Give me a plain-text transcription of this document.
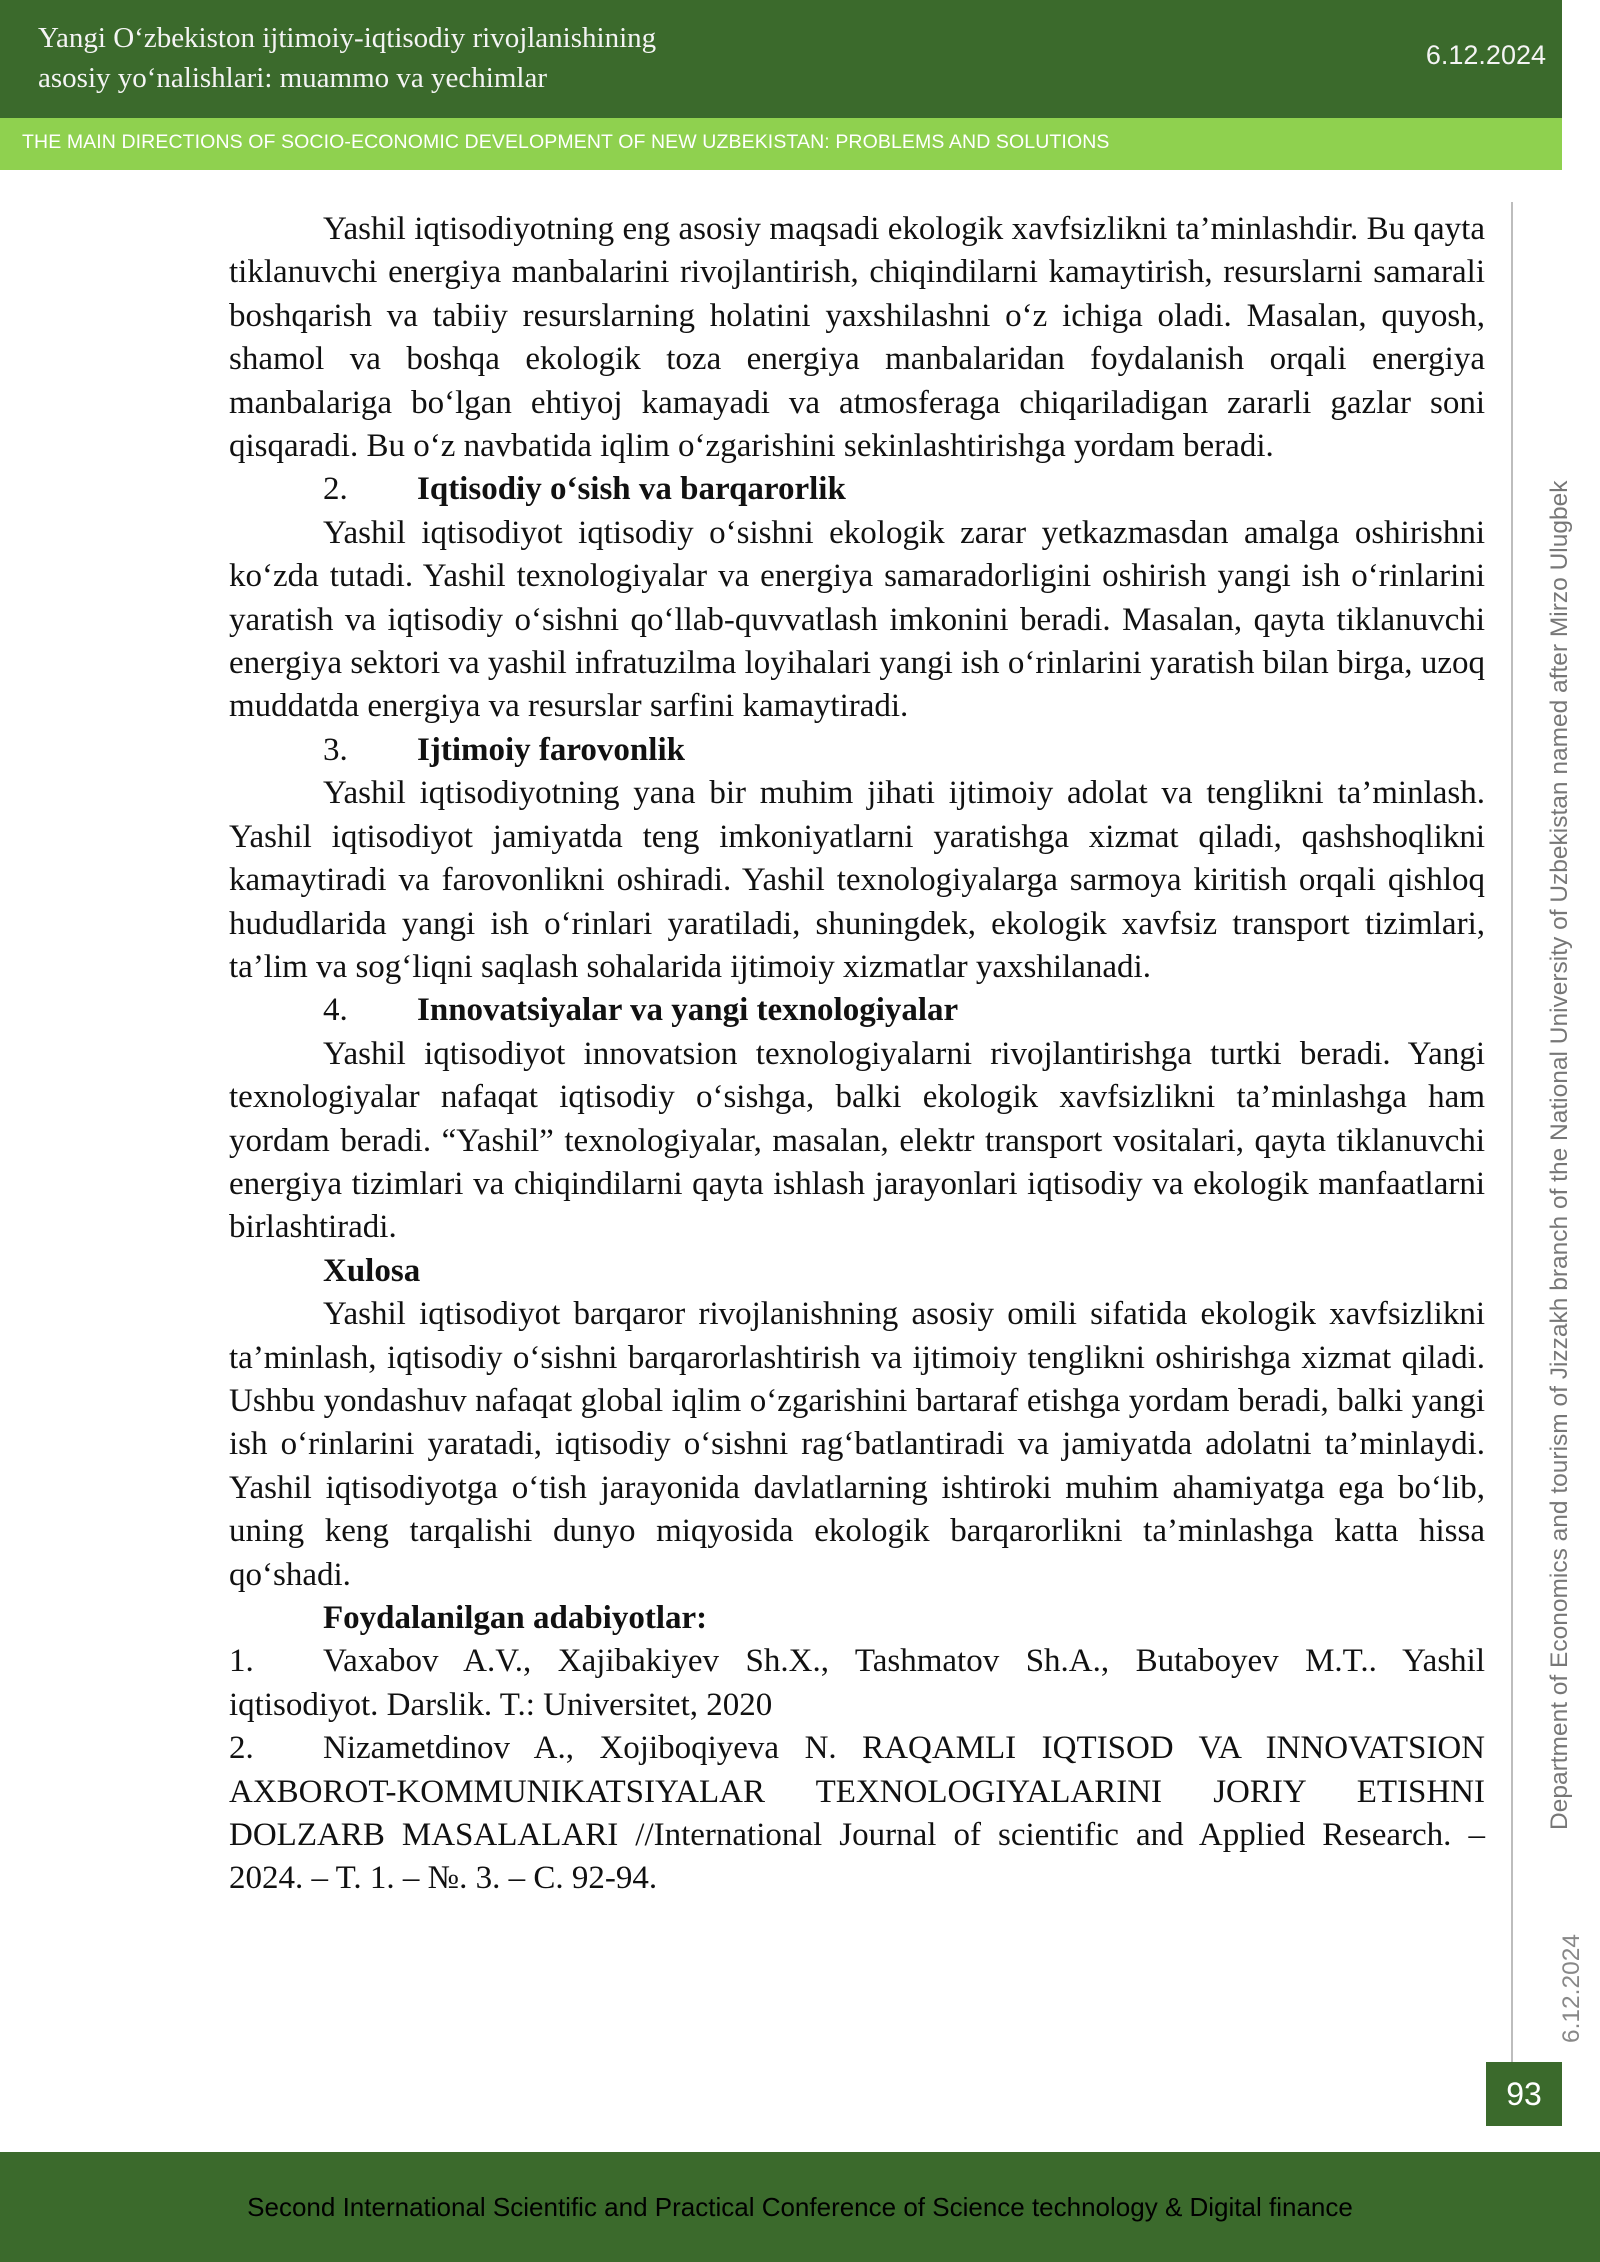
Yangi O‘zbekiston ijtimoiy-iqtisodiy rivojlanishining
asosiy yo‘nalishlari: muammo va yechimlar
6.12.2024
THE MAIN DIRECTIONS OF SOCIO-ECONOMIC DEVELOPMENT OF NEW UZBEKISTAN: PROBLEMS AND SOLUTIONS

Yashil iqtisodiyotning eng asosiy maqsadi ekologik xavfsizlikni ta’minlashdir. Bu qayta tiklanuvchi energiya manbalarini rivojlantirish, chiqindilarni kamaytirish, resurslarni samarali boshqarish va tabiiy resurslarning holatini yaxshilashni o‘z ichiga oladi. Masalan, quyosh, shamol va boshqa ekologik toza energiya manbalaridan foydalanish orqali energiya manbalariga bo‘lgan ehtiyoj kamayadi va atmosferaga chiqariladigan zararli gazlar soni qisqaradi. Bu o‘z navbatida iqlim o‘zgarishini sekinlashtirishga yordam beradi.

2. Iqtisodiy o‘sish va barqarorlik

Yashil iqtisodiyot iqtisodiy o‘sishni ekologik zarar yetkazmasdan amalga oshirishni ko‘zda tutadi. Yashil texnologiyalar va energiya samaradorligini oshirish yangi ish o‘rinlarini yaratish va iqtisodiy o‘sishni qo‘llab-quvvatlash imkonini beradi. Masalan, qayta tiklanuvchi energiya sektori va yashil infratuzilma loyihalari yangi ish o‘rinlarini yaratish bilan birga, uzoq muddatda energiya va resurslar sarfini kamaytiradi.

3. Ijtimoiy farovonlik

Yashil iqtisodiyotning yana bir muhim jihati ijtimoiy adolat va tenglikni ta’minlash. Yashil iqtisodiyot jamiyatda teng imkoniyatlarni yaratishga xizmat qiladi, qashshoqlikni kamaytiradi va farovonlikni oshiradi. Yashil texnologiyalarga sarmoya kiritish orqali qishloq hududlarida yangi ish o‘rinlari yaratiladi, shuningdek, ekologik xavfsiz transport tizimlari, ta’lim va sog‘liqni saqlash sohalarida ijtimoiy xizmatlar yaxshilanadi.

4. Innovatsiyalar va yangi texnologiyalar

Yashil iqtisodiyot innovatsion texnologiyalarni rivojlantirishga turtki beradi. Yangi texnologiyalar nafaqat iqtisodiy o‘sishga, balki ekologik xavfsizlikni ta’minlashga ham yordam beradi. “Yashil” texnologiyalar, masalan, elektr transport vositalari, qayta tiklanuvchi energiya tizimlari va chiqindilarni qayta ishlash jarayonlari iqtisodiy va ekologik manfaatlarni birlashtiradi.

Xulosa

Yashil iqtisodiyot barqaror rivojlanishning asosiy omili sifatida ekologik xavfsizlikni ta’minlash, iqtisodiy o‘sishni barqarorlashtirish va ijtimoiy tenglikni oshirishga xizmat qiladi. Ushbu yondashuv nafaqat global iqlim o‘zgarishini bartaraf etishga yordam beradi, balki yangi ish o‘rinlarini yaratadi, iqtisodiy o‘sishni rag‘batlantiradi va jamiyatda adolatni ta’minlaydi. Yashil iqtisodiyotga o‘tish jarayonida davlatlarning ishtiroki muhim ahamiyatga ega bo‘lib, uning keng tarqalishi dunyo miqyosida ekologik barqarorlikni ta’minlashga katta hissa qo‘shadi.

Foydalanilgan adabiyotlar:

1. Vaxabov A.V., Xajibakiyev Sh.X., Tashmatov Sh.A., Butaboyev M.T.. Yashil iqtisodiyot. Darslik. T.: Universitet, 2020

2. Nizametdinov A., Xojiboqiyeva N. RAQAMLI IQTISOD VA INNOVATSION AXBOROT-KOMMUNIKATSIYALAR TEXNOLOGIYALARINI JORIY ETISHNI DOLZARB MASALALARI //International Journal of scientific and Applied Research. – 2024. – T. 1. – №. 3. – C. 92-94.

Department of Economics and tourism of Jizzakh branch of the National University of Uzbekistan named after Mirzo Ulugbek
6.12.2024
93
Second International Scientific and Practical Conference of Science technology & Digital finance
